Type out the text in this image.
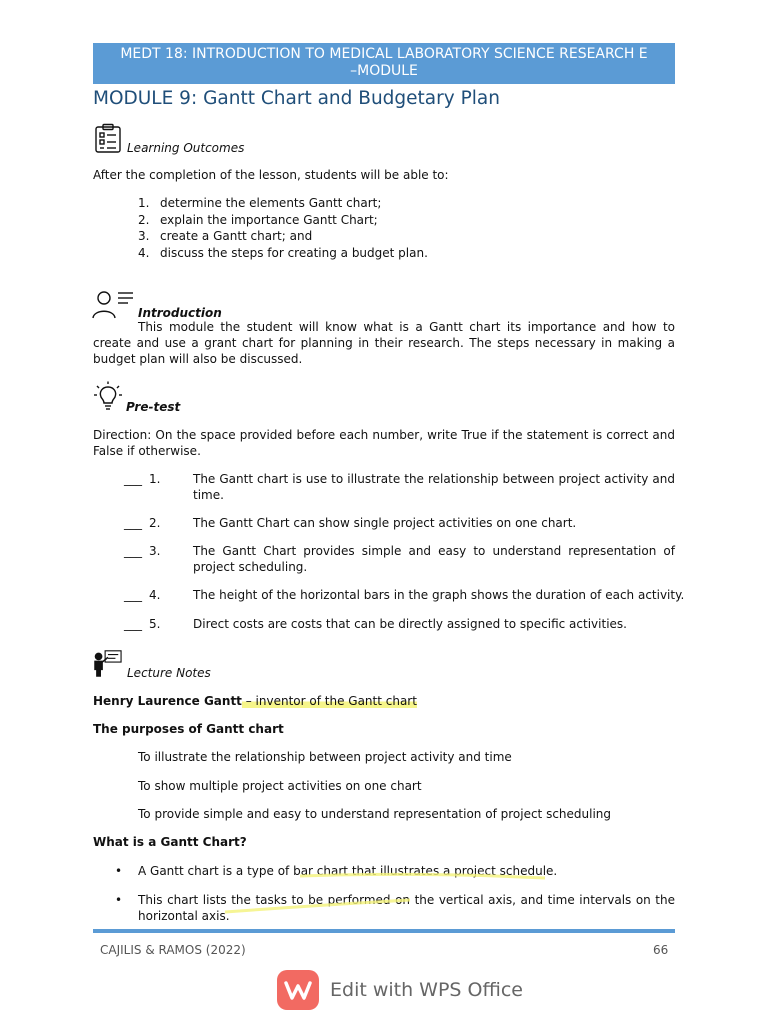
MEDT 18: INTRODUCTION TO MEDICAL LABORATORY SCIENCE RESEARCH E
–MODULE
MODULE 9: Gantt Chart and Budgetary Plan
Learning Outcomes
After the completion of the lesson, students will be able to:
1. determine the elements Gantt chart;
2. explain the importance Gantt Chart;
3. create a Gantt chart; and
4. discuss the steps for creating a budget plan.
Introduction
This module the student will know what is a Gantt chart its importance and how to create and use a grant chart for planning in their research. The steps necessary in making a budget plan will also be discussed.
Pre-test
Direction: On the space provided before each number, write True if the statement is correct and False if otherwise.
___ 1.	The Gantt chart is use to illustrate the relationship between project activity and time.
___ 2.	The Gantt Chart can show single project activities on one chart.
___ 3.	The Gantt Chart provides simple and easy to understand representation of project scheduling.
___ 4.	The height of the horizontal bars in the graph shows the duration of each activity.
___ 5.	Direct costs are costs that can be directly assigned to specific activities.
Lecture Notes
Henry Laurence Gantt – inventor of the Gantt chart
The purposes of Gantt chart
To illustrate the relationship between project activity and time
To show multiple project activities on one chart
To provide simple and easy to understand representation of project scheduling
What is a Gantt Chart?
• A Gantt chart is a type of bar chart that illustrates a project schedule.
• This chart lists the tasks to be performed on the vertical axis, and time intervals on the horizontal axis.
CAJILIS & RAMOS (2022)	66
Edit with WPS Office
